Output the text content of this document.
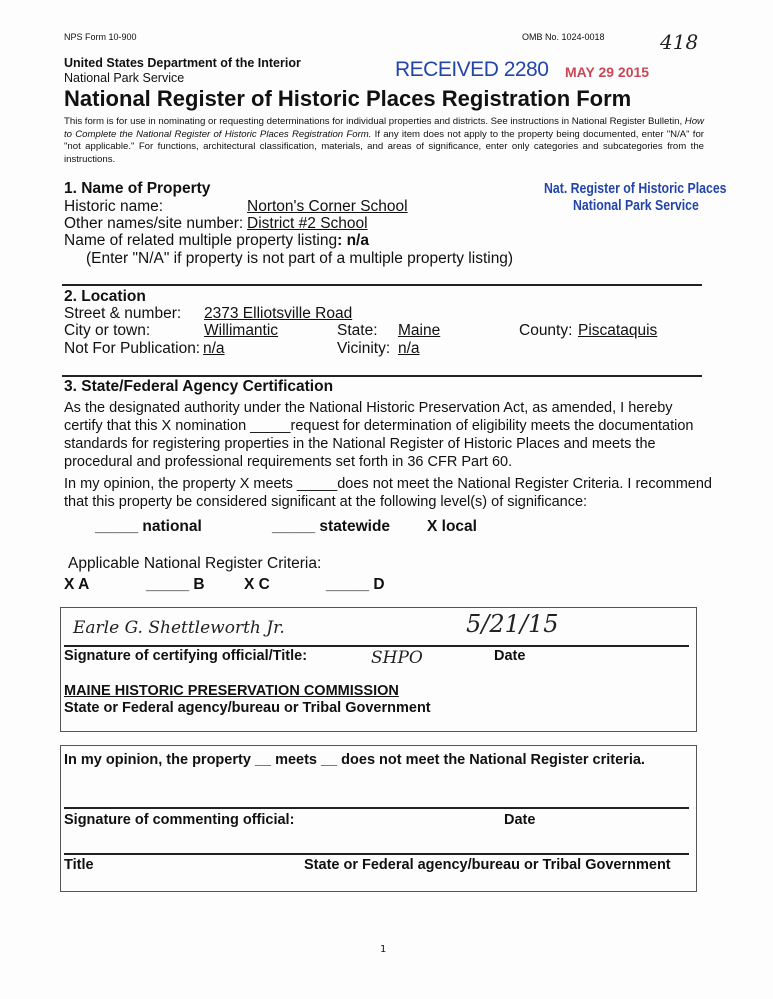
NPS Form 10-900	OMB No. 1024-0018	418
United States Department of the Interior
National Park Service
National Register of Historic Places Registration Form
This form is for use in nominating or requesting determinations for individual properties and districts. See instructions in National Register Bulletin, How to Complete the National Register of Historic Places Registration Form. If any item does not apply to the property being documented, enter "N/A" for "not applicable." For functions, architectural classification, materials, and areas of significance, enter only categories and subcategories from the instructions.
RECEIVED 2280 MAY 29 2015
Nat. Register of Historic Places
National Park Service
1. Name of Property
Historic name:	Norton's Corner School
Other names/site number: District #2 School
Name of related multiple property listing: n/a
(Enter "N/A" if property is not part of a multiple property listing)
2. Location
Street & number: 2373 Elliotsville Road
City or town:	Willimantic	State: Maine	County: Piscataquis
Not For Publication: n/a	Vicinity: n/a
3. State/Federal Agency Certification
As the designated authority under the National Historic Preservation Act, as amended, I hereby certify that this X nomination _____request for determination of eligibility meets the documentation standards for registering properties in the National Register of Historic Places and meets the procedural and professional requirements set forth in 36 CFR Part 60.
In my opinion, the property X meets _____does not meet the National Register Criteria. I recommend that this property be considered significant at the following level(s) of significance:
_____ national	_____ statewide X local
Applicable National Register Criteria:
X A	_____ B	X C	_____ D
Earle G. Shettleworth Jr.	5/21/15
Signature of certifying official/Title:	SHPO	Date
MAINE HISTORIC PRESERVATION COMMISSION
State or Federal agency/bureau or Tribal Government
In my opinion, the property __ meets __ does not meet the National Register criteria.
Signature of commenting official:	Date
Title	State or Federal agency/bureau or Tribal Government
1
